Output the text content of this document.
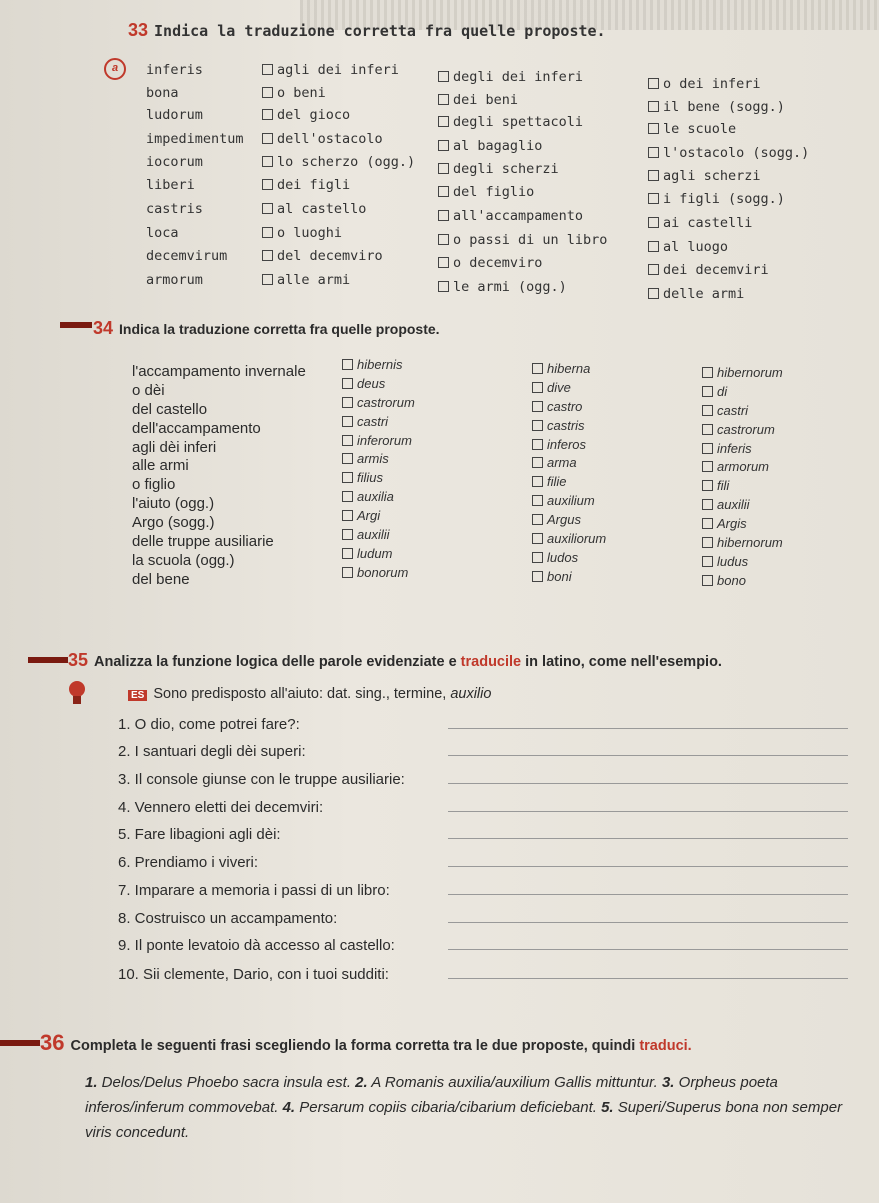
33 Indica la traduzione corretta fra quelle proposte.
a	inferis	agli dei inferi	degli dei inferi	o dei inferi
bona	o beni	dei beni	il bene (sogg.)
ludorum	del gioco	degli spettacoli	le scuole
impedimentum	dell'ostacolo	al bagaglio	l'ostacolo (sogg.)
iocorum	lo scherzo (ogg.)	degli scherzi	agli scherzi
liberi	dei figli	del figlio	i figli (sogg.)
castris	al castello	all'accampamento	ai castelli
loca	o luoghi	o passi di un libro	al luogo
decemvirum	del decemviro	o decemviro	dei decemviri
armorum	alle armi	le armi (ogg.)	delle armi
34 Indica la traduzione corretta fra quelle proposte.
l'accampamento invernale	hibernis	hiberna	hibernorum
o dèi	deus	dive	di
del castello	castrorum	castro	castri
dell'accampamento	castri	castris	castrorum
agli dèi inferi	inferorum	inferos	inferis
alle armi	armis	arma	armorum
o figlio	filius	filie	fili
l'aiuto (ogg.)	auxilia	auxilium	auxilii
Argo (sogg.)	Argi	Argus	Argis
delle truppe ausiliarie	auxilii	auxiliorum	hibernorum
la scuola (ogg.)	ludum	ludos	ludus
del bene	bonorum	boni	bono
35 Analizza la funzione logica delle parole evidenziate e traducile in latino, come nell'esempio.
ES Sono predisposto all'aiuto: dat. sing., termine, auxilio
1. O dio, come potrei fare?:
2. I santuari degli dèi superi:
3. Il console giunse con le truppe ausiliarie:
4. Vennero eletti dei decemviri:
5. Fare libagioni agli dèi:
6. Prendiamo i viveri:
7. Imparare a memoria i passi di un libro:
8. Costruisco un accampamento:
9. Il ponte levatoio dà accesso al castello:
10. Sii clemente, Dario, con i tuoi sudditi:
36 Completa le seguenti frasi scegliendo la forma corretta tra le due proposte, quindi traduci.
1. Delos/Delus Phoebo sacra insula est. 2. A Romanis auxilia/auxilium Gallis mittuntur. 3. Orpheus poeta inferos/inferum commovebat. 4. Persarum copiis cibaria/cibarium deficiebant. 5. Superi/Superus bona non semper viris concedunt.
